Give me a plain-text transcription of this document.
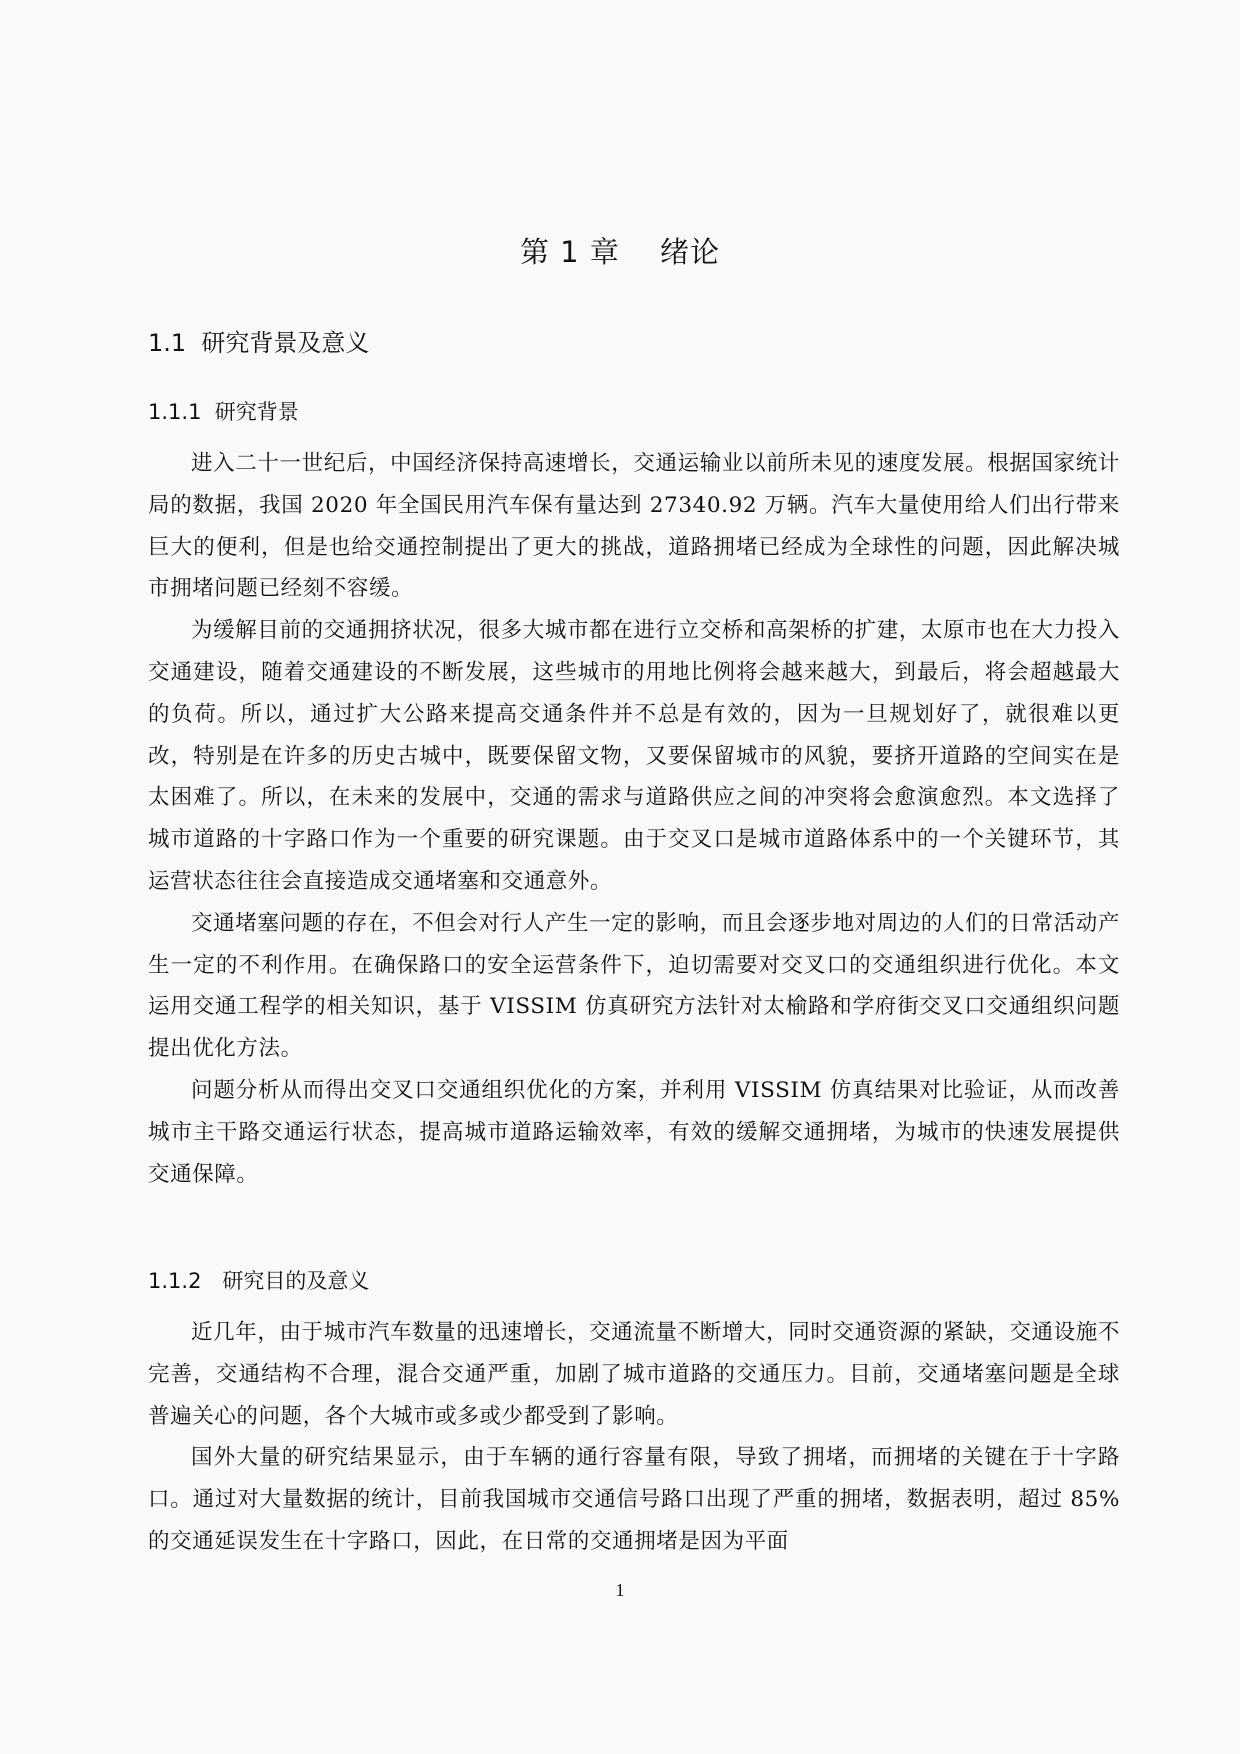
第 1 章　 绪论
1.1  研究背景及意义
1.1.1  研究背景

进入二十一世纪后，中国经济保持高速增长，交通运输业以前所未见的速度发展。根据国家统计局的数据，我国 2020 年全国民用汽车保有量达到 27340.92 万辆。汽车大量使用给人们出行带来巨大的便利，但是也给交通控制提出了更大的挑战，道路拥堵已经成为全球性的问题，因此解决城市拥堵问题已经刻不容缓。

为缓解目前的交通拥挤状况，很多大城市都在进行立交桥和高架桥的扩建，太原市也在大力投入交通建设，随着交通建设的不断发展，这些城市的用地比例将会越来越大，到最后，将会超越最大的负荷。所以，通过扩大公路来提高交通条件并不总是有效的，因为一旦规划好了，就很难以更改，特别是在许多的历史古城中，既要保留文物，又要保留城市的风貌，要挤开道路的空间实在是太困难了。所以，在未来的发展中，交通的需求与道路供应之间的冲突将会愈演愈烈。本文选择了城市道路的十字路口作为一个重要的研究课题。由于交叉口是城市道路体系中的一个关键环节，其运营状态往往会直接造成交通堵塞和交通意外。

交通堵塞问题的存在，不但会对行人产生一定的影响，而且会逐步地对周边的人们的日常活动产生一定的不利作用。在确保路口的安全运营条件下，迫切需要对交叉口的交通组织进行优化。本文运用交通工程学的相关知识，基于 VISSIM 仿真研究方法针对太榆路和学府街交叉口交通组织问题提出优化方法。

问题分析从而得出交叉口交通组织优化的方案，并利用 VISSIM 仿真结果对比验证，从而改善城市主干路交通运行状态，提高城市道路运输效率，有效的缓解交通拥堵，为城市的快速发展提供交通保障。

1.1.2　研究目的及意义

近几年，由于城市汽车数量的迅速增长，交通流量不断增大，同时交通资源的紧缺，交通设施不完善，交通结构不合理，混合交通严重，加剧了城市道路的交通压力。目前，交通堵塞问题是全球普遍关心的问题，各个大城市或多或少都受到了影响。

国外大量的研究结果显示，由于车辆的通行容量有限，导致了拥堵，而拥堵的关键在于十字路口。通过对大量数据的统计，目前我国城市交通信号路口出现了严重的拥堵，数据表明，超过 85%的交通延误发生在十字路口，因此，在日常的交通拥堵是因为平面

1
